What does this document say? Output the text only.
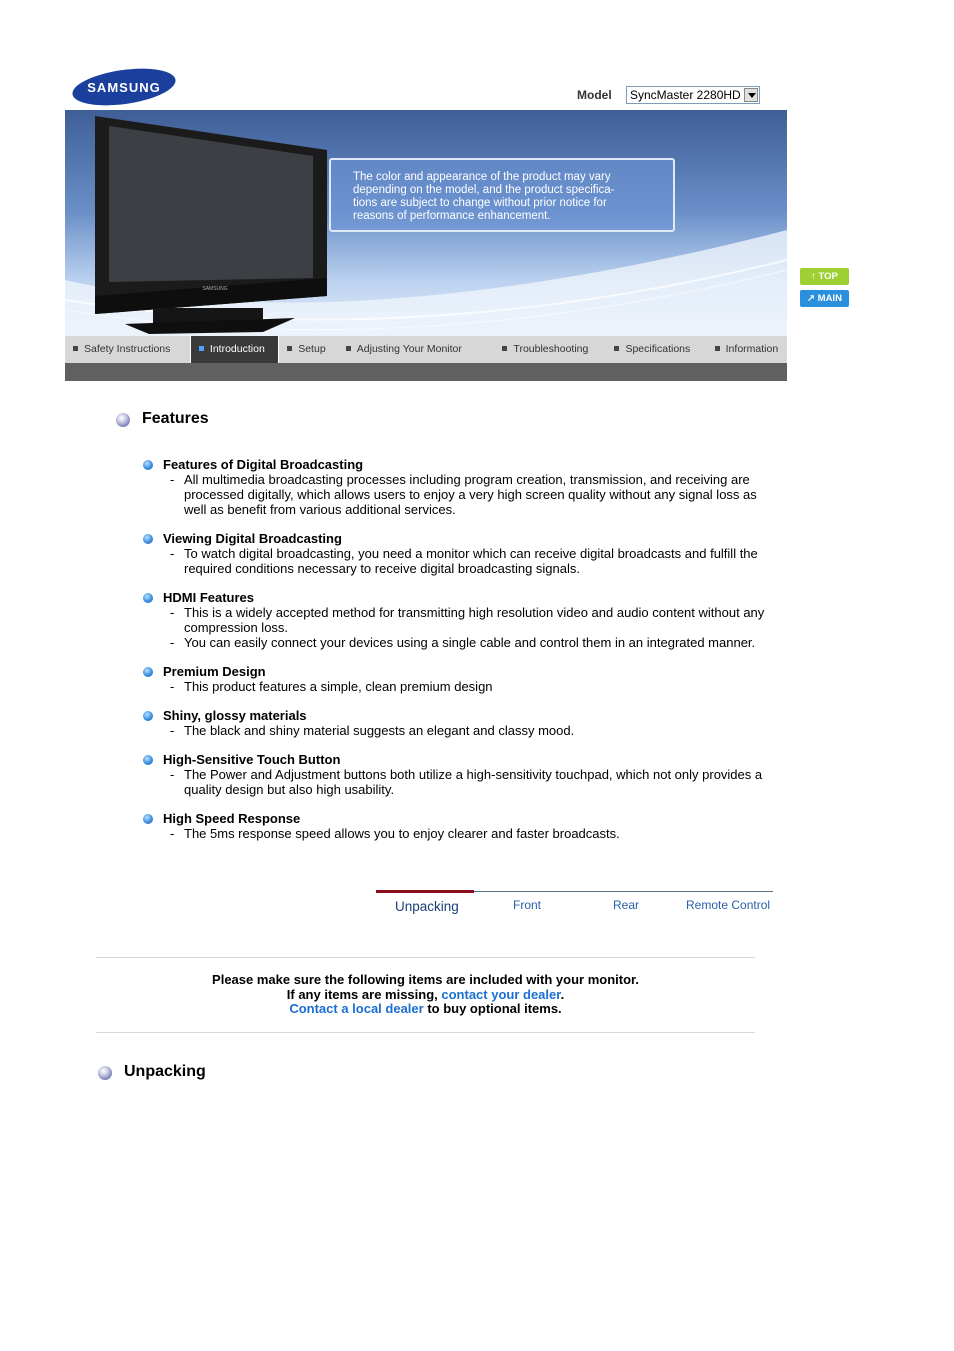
SAMSUNG	Model	SyncMaster 2280HD
SAMSUNG
The color and appearance of the product may vary
depending on the model, and the product specifica-
tions are subject to change without prior notice for
reasons of performance enhancement.
Safety Instructions	Introduction	Setup	Adjusting Your Monitor	Troubleshooting	Specifications	Information
↑ TOP
↗ MAIN
Features
Features of Digital Broadcasting
- All multimedia broadcasting processes including program creation, transmission, and receiving are processed digitally, which allows users to enjoy a very high screen quality without any signal loss as well as benefit from various additional services.
Viewing Digital Broadcasting
- To watch digital broadcasting, you need a monitor which can receive digital broadcasts and fulfill the required conditions necessary to receive digital broadcasting signals.
HDMI Features
- This is a widely accepted method for transmitting high resolution video and audio content without any compression loss.
- You can easily connect your devices using a single cable and control them in an integrated manner.
Premium Design
- This product features a simple, clean premium design
Shiny, glossy materials
- The black and shiny material suggests an elegant and classy mood.
High-Sensitive Touch Button
- The Power and Adjustment buttons both utilize a high-sensitivity touchpad, which not only provides a quality design but also high usability.
High Speed Response
- The 5ms response speed allows you to enjoy clearer and faster broadcasts.
Unpacking	Front	Rear	Remote Control
Please make sure the following items are included with your monitor.
If any items are missing, contact your dealer.
Contact a local dealer to buy optional items.
Unpacking
